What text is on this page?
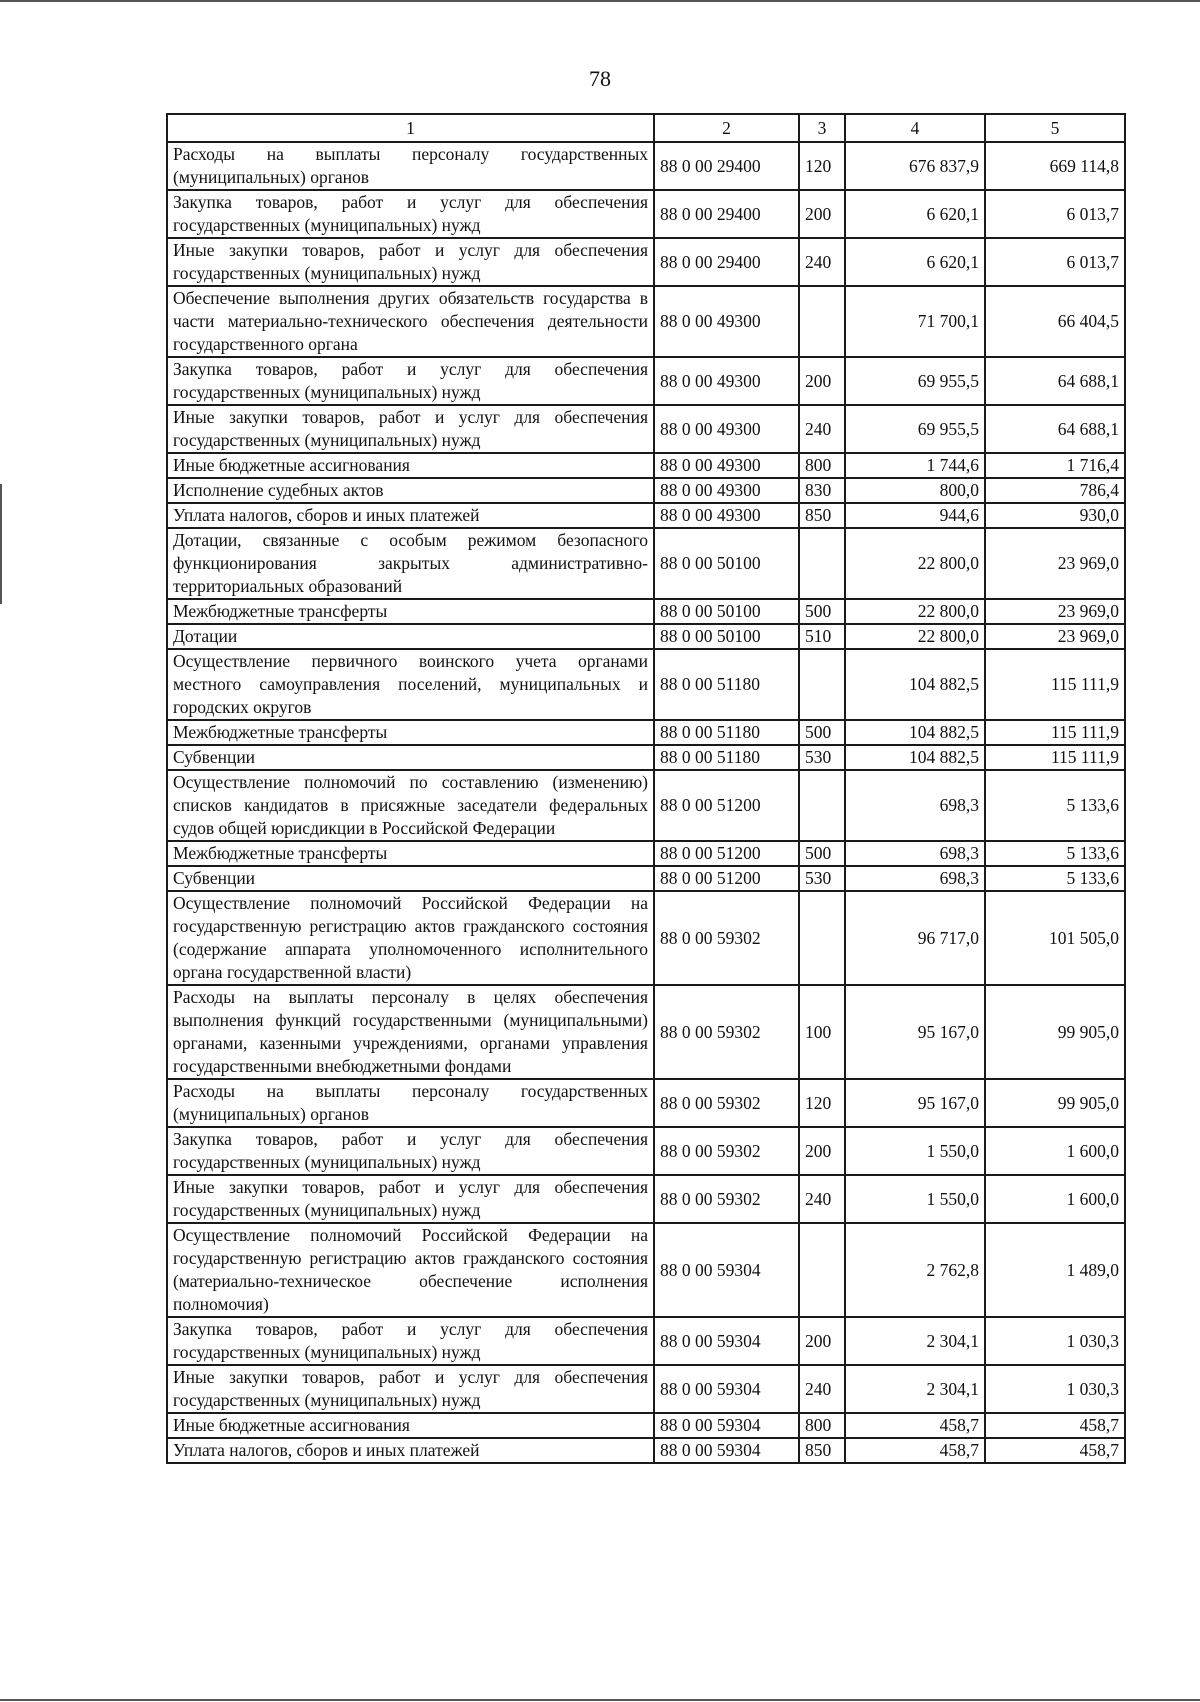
78
1	2	3	4	5
Расходы на выплаты персоналу государственных (муниципальных) органов	88 0 00 29400	120	676 837,9	669 114,8
Закупка товаров, работ и услуг для обеспечения государственных (муниципальных) нужд	88 0 00 29400	200	6 620,1	6 013,7
Иные закупки товаров, работ и услуг для обеспечения государственных (муниципальных) нужд	88 0 00 29400	240	6 620,1	6 013,7
Обеспечение выполнения других обязательств государства в части материально-технического обеспечения деятельности государственного органа	88 0 00 49300		71 700,1	66 404,5
Закупка товаров, работ и услуг для обеспечения государственных (муниципальных) нужд	88 0 00 49300	200	69 955,5	64 688,1
Иные закупки товаров, работ и услуг для обеспечения государственных (муниципальных) нужд	88 0 00 49300	240	69 955,5	64 688,1
Иные бюджетные ассигнования	88 0 00 49300	800	1 744,6	1 716,4
Исполнение судебных актов	88 0 00 49300	830	800,0	786,4
Уплата налогов, сборов и иных платежей	88 0 00 49300	850	944,6	930,0
Дотации, связанные с особым режимом безопасного функционирования закрытых административно-территориальных образований	88 0 00 50100		22 800,0	23 969,0
Межбюджетные трансферты	88 0 00 50100	500	22 800,0	23 969,0
Дотации	88 0 00 50100	510	22 800,0	23 969,0
Осуществление первичного воинского учета органами местного самоуправления поселений, муниципальных и городских округов	88 0 00 51180		104 882,5	115 111,9
Межбюджетные трансферты	88 0 00 51180	500	104 882,5	115 111,9
Субвенции	88 0 00 51180	530	104 882,5	115 111,9
Осуществление полномочий по составлению (изменению) списков кандидатов в присяжные заседатели федеральных судов общей юрисдикции в Российской Федерации	88 0 00 51200		698,3	5 133,6
Межбюджетные трансферты	88 0 00 51200	500	698,3	5 133,6
Субвенции	88 0 00 51200	530	698,3	5 133,6
Осуществление полномочий Российской Федерации на государственную регистрацию актов гражданского состояния (содержание аппарата уполномоченного исполнительного органа государственной власти)	88 0 00 59302		96 717,0	101 505,0
Расходы на выплаты персоналу в целях обеспечения выполнения функций государственными (муниципальными) органами, казенными учреждениями, органами управления государственными внебюджетными фондами	88 0 00 59302	100	95 167,0	99 905,0
Расходы на выплаты персоналу государственных (муниципальных) органов	88 0 00 59302	120	95 167,0	99 905,0
Закупка товаров, работ и услуг для обеспечения государственных (муниципальных) нужд	88 0 00 59302	200	1 550,0	1 600,0
Иные закупки товаров, работ и услуг для обеспечения государственных (муниципальных) нужд	88 0 00 59302	240	1 550,0	1 600,0
Осуществление полномочий Российской Федерации на государственную регистрацию актов гражданского состояния (материально-техническое обеспечение исполнения полномочия)	88 0 00 59304		2 762,8	1 489,0
Закупка товаров, работ и услуг для обеспечения государственных (муниципальных) нужд	88 0 00 59304	200	2 304,1	1 030,3
Иные закупки товаров, работ и услуг для обеспечения государственных (муниципальных) нужд	88 0 00 59304	240	2 304,1	1 030,3
Иные бюджетные ассигнования	88 0 00 59304	800	458,7	458,7
Уплата налогов, сборов и иных платежей	88 0 00 59304	850	458,7	458,7
